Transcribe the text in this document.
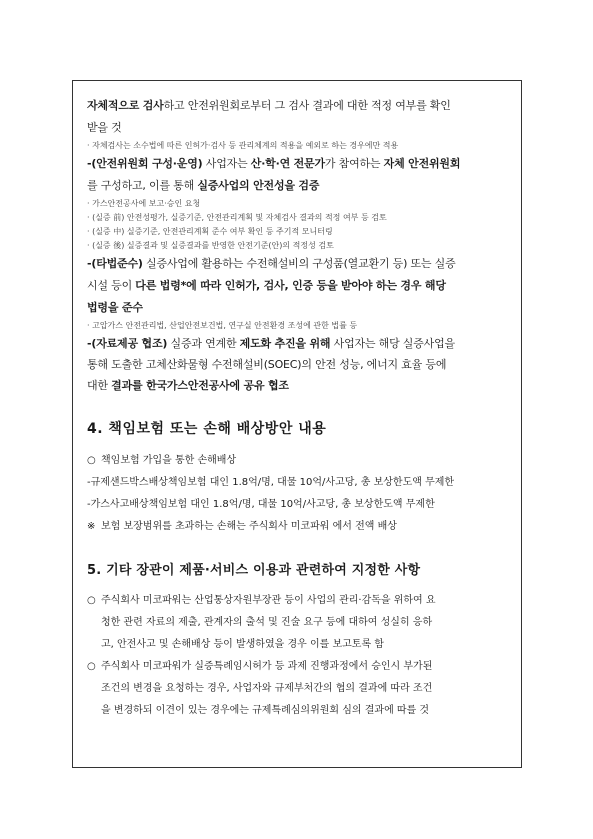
자체적으로 검사하고 안전위원회로부터 그 검사 결과에 대한 적정 여부를 확인

받을 것

· 자체검사는 소수법에 따른 인허가·검사 등 관리체계의 적용을 예외로 하는 경우에만 적용

-(안전위원회 구성·운영) 사업자는 산·학·연 전문가가 참여하는 자체 안전위원회

를 구성하고, 이를 통해 실증사업의 안전성을 검증

· 가스안전공사에 보고·승인 요청

· (실증 前) 안전성평가, 실증기준, 안전관리계획 및 자체검사 결과의 적정 여부 등 검토

· (실증 中) 실증기준, 안전관리계획 준수 여부 확인 등 주기적 모니터링

· (실증 後) 실증결과 및 실증결과를 반영한 안전기준(안)의 적정성 검토

-(타법준수) 실증사업에 활용하는 수전해설비의 구성품(열교환기 등) 또는 실증

시설 등이 다른 법령*에 따라 인허가, 검사, 인증 등을 받아야 하는 경우 해당

법령을 준수

· 고압가스 안전관리법, 산업안전보건법, 연구실 안전환경 조성에 관한 법률 등

-(자료제공 협조) 실증과 연계한 제도화 추진을 위해 사업자는 해당 실증사업을

통해 도출한 고체산화물형 수전해설비(SOEC)의 안전 성능, 에너지 효율 등에

대한 결과를 한국가스안전공사에 공유 협조

4. 책임보험 또는 손해 배상방안 내용

○ 책임보험 가입을 통한 손해배상

-규제샌드박스배상책임보험 대인 1.8억/명, 대물 10억/사고당, 총 보상한도액 무제한

-가스사고배상책임보험 대인 1.8억/명, 대물 10억/사고당, 총 보상한도액 무제한

※ 보험 보장범위를 초과하는 손해는 주식회사 미코파워 에서 전액 배상

5. 기타 장관이 제품·서비스 이용과 관련하여 지정한 사항

○ 주식회사 미코파워는 산업통상자원부장관 등이 사업의 관리·감독을 위하여 요

청한 관련 자료의 제출, 관계자의 출석 및 진술 요구 등에 대하여 성실히 응하

고, 안전사고 및 손해배상 등이 발생하였을 경우 이를 보고토록 함

○ 주식회사 미코파워가 실증특례임시허가 등 과제 진행과정에서 승인시 부가된

조건의 변경을 요청하는 경우, 사업자와 규제부처간의 협의 결과에 따라 조건

을 변경하되 이견이 있는 경우에는 규제특례심의위원회 심의 결과에 따를 것
